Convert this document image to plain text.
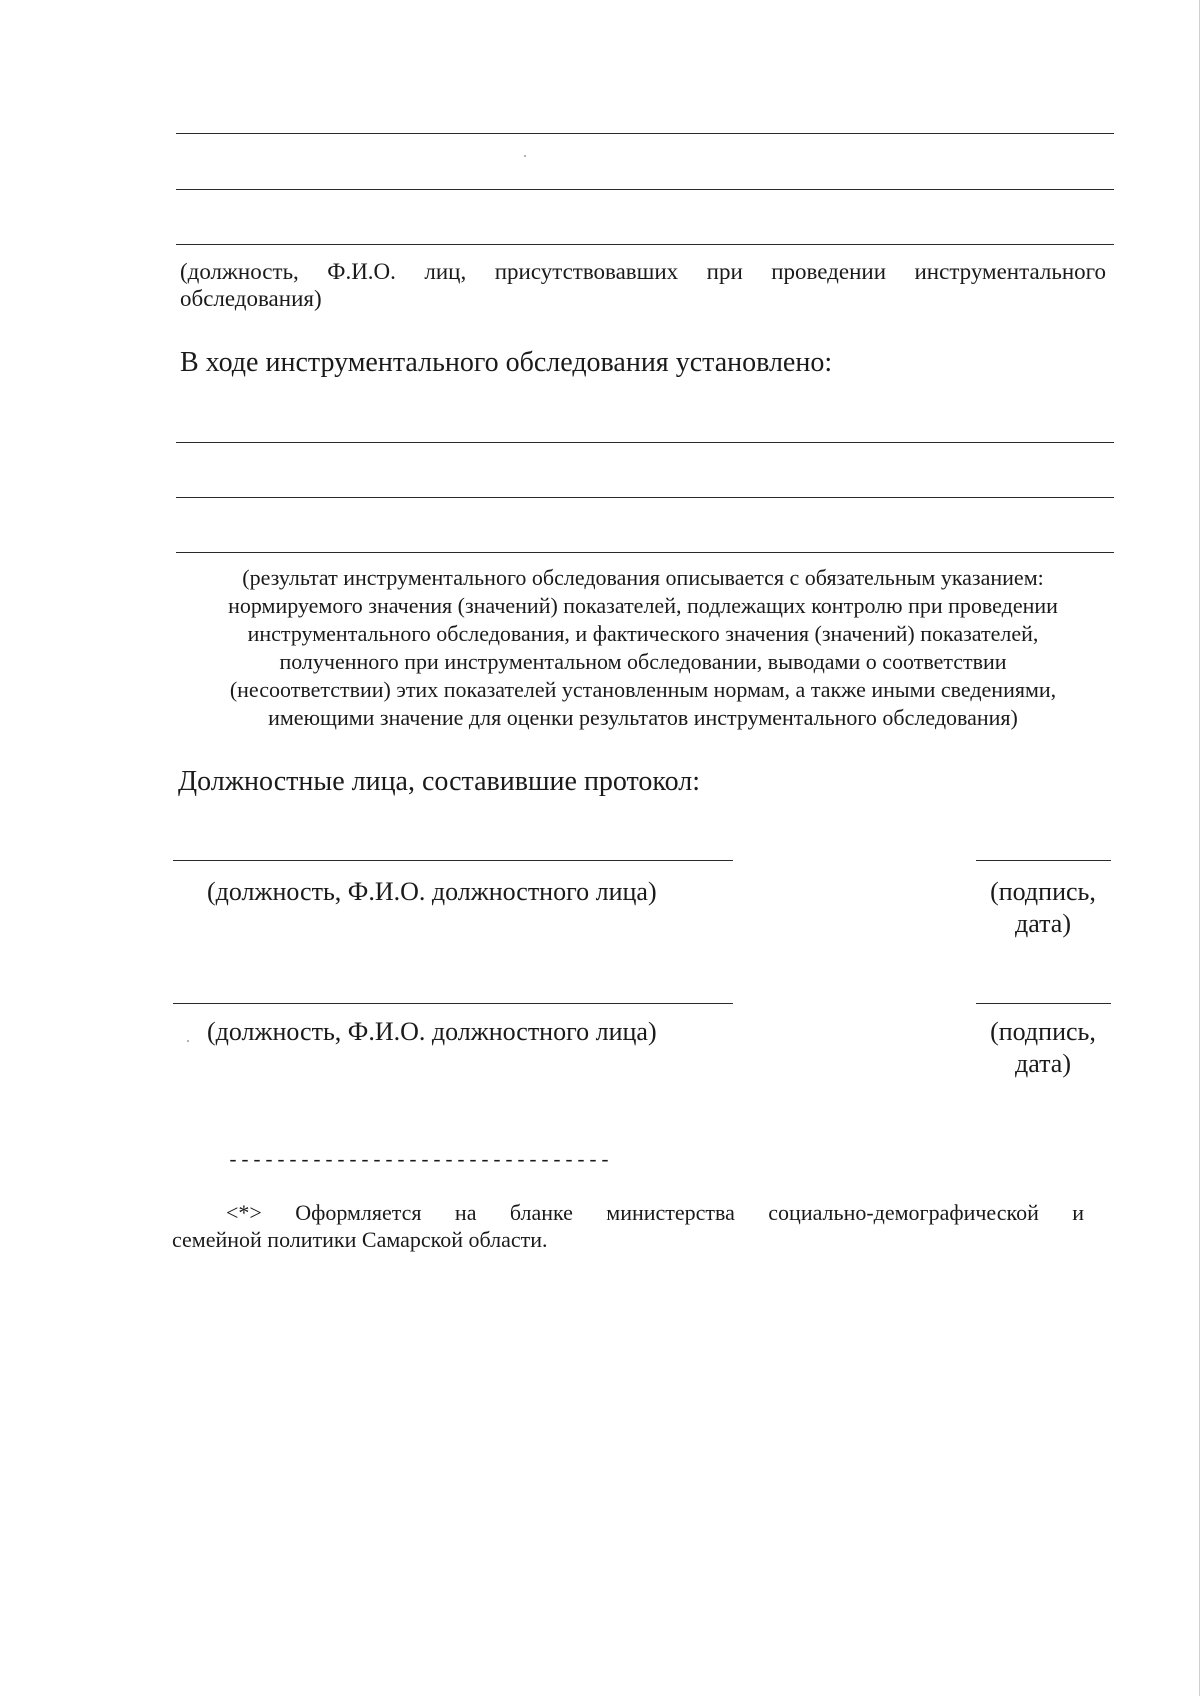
(должность, Ф.И.О. лиц, присутствовавших при проведении инструментального
обследования)

В ходе инструментального обследования установлено:

(результат инструментального обследования описывается с обязательным указанием:
нормируемого значения (значений) показателей, подлежащих контролю при проведении
инструментального обследования, и фактического значения (значений) показателей,
полученного при инструментальном обследовании, выводами о соответствии
(несоответствии) этих показателей установленным нормам, а также иными сведениями,
имеющими значение для оценки результатов инструментального обследования)

Должностные лица, составившие протокол:

(должность, Ф.И.О. должностного лица)	(подпись,
дата)

(должность, Ф.И.О. должностного лица)	(подпись,
дата)

--------------------------------

<*> Оформляется на бланке министерства социально-демографической и
семейной политики Самарской области.
